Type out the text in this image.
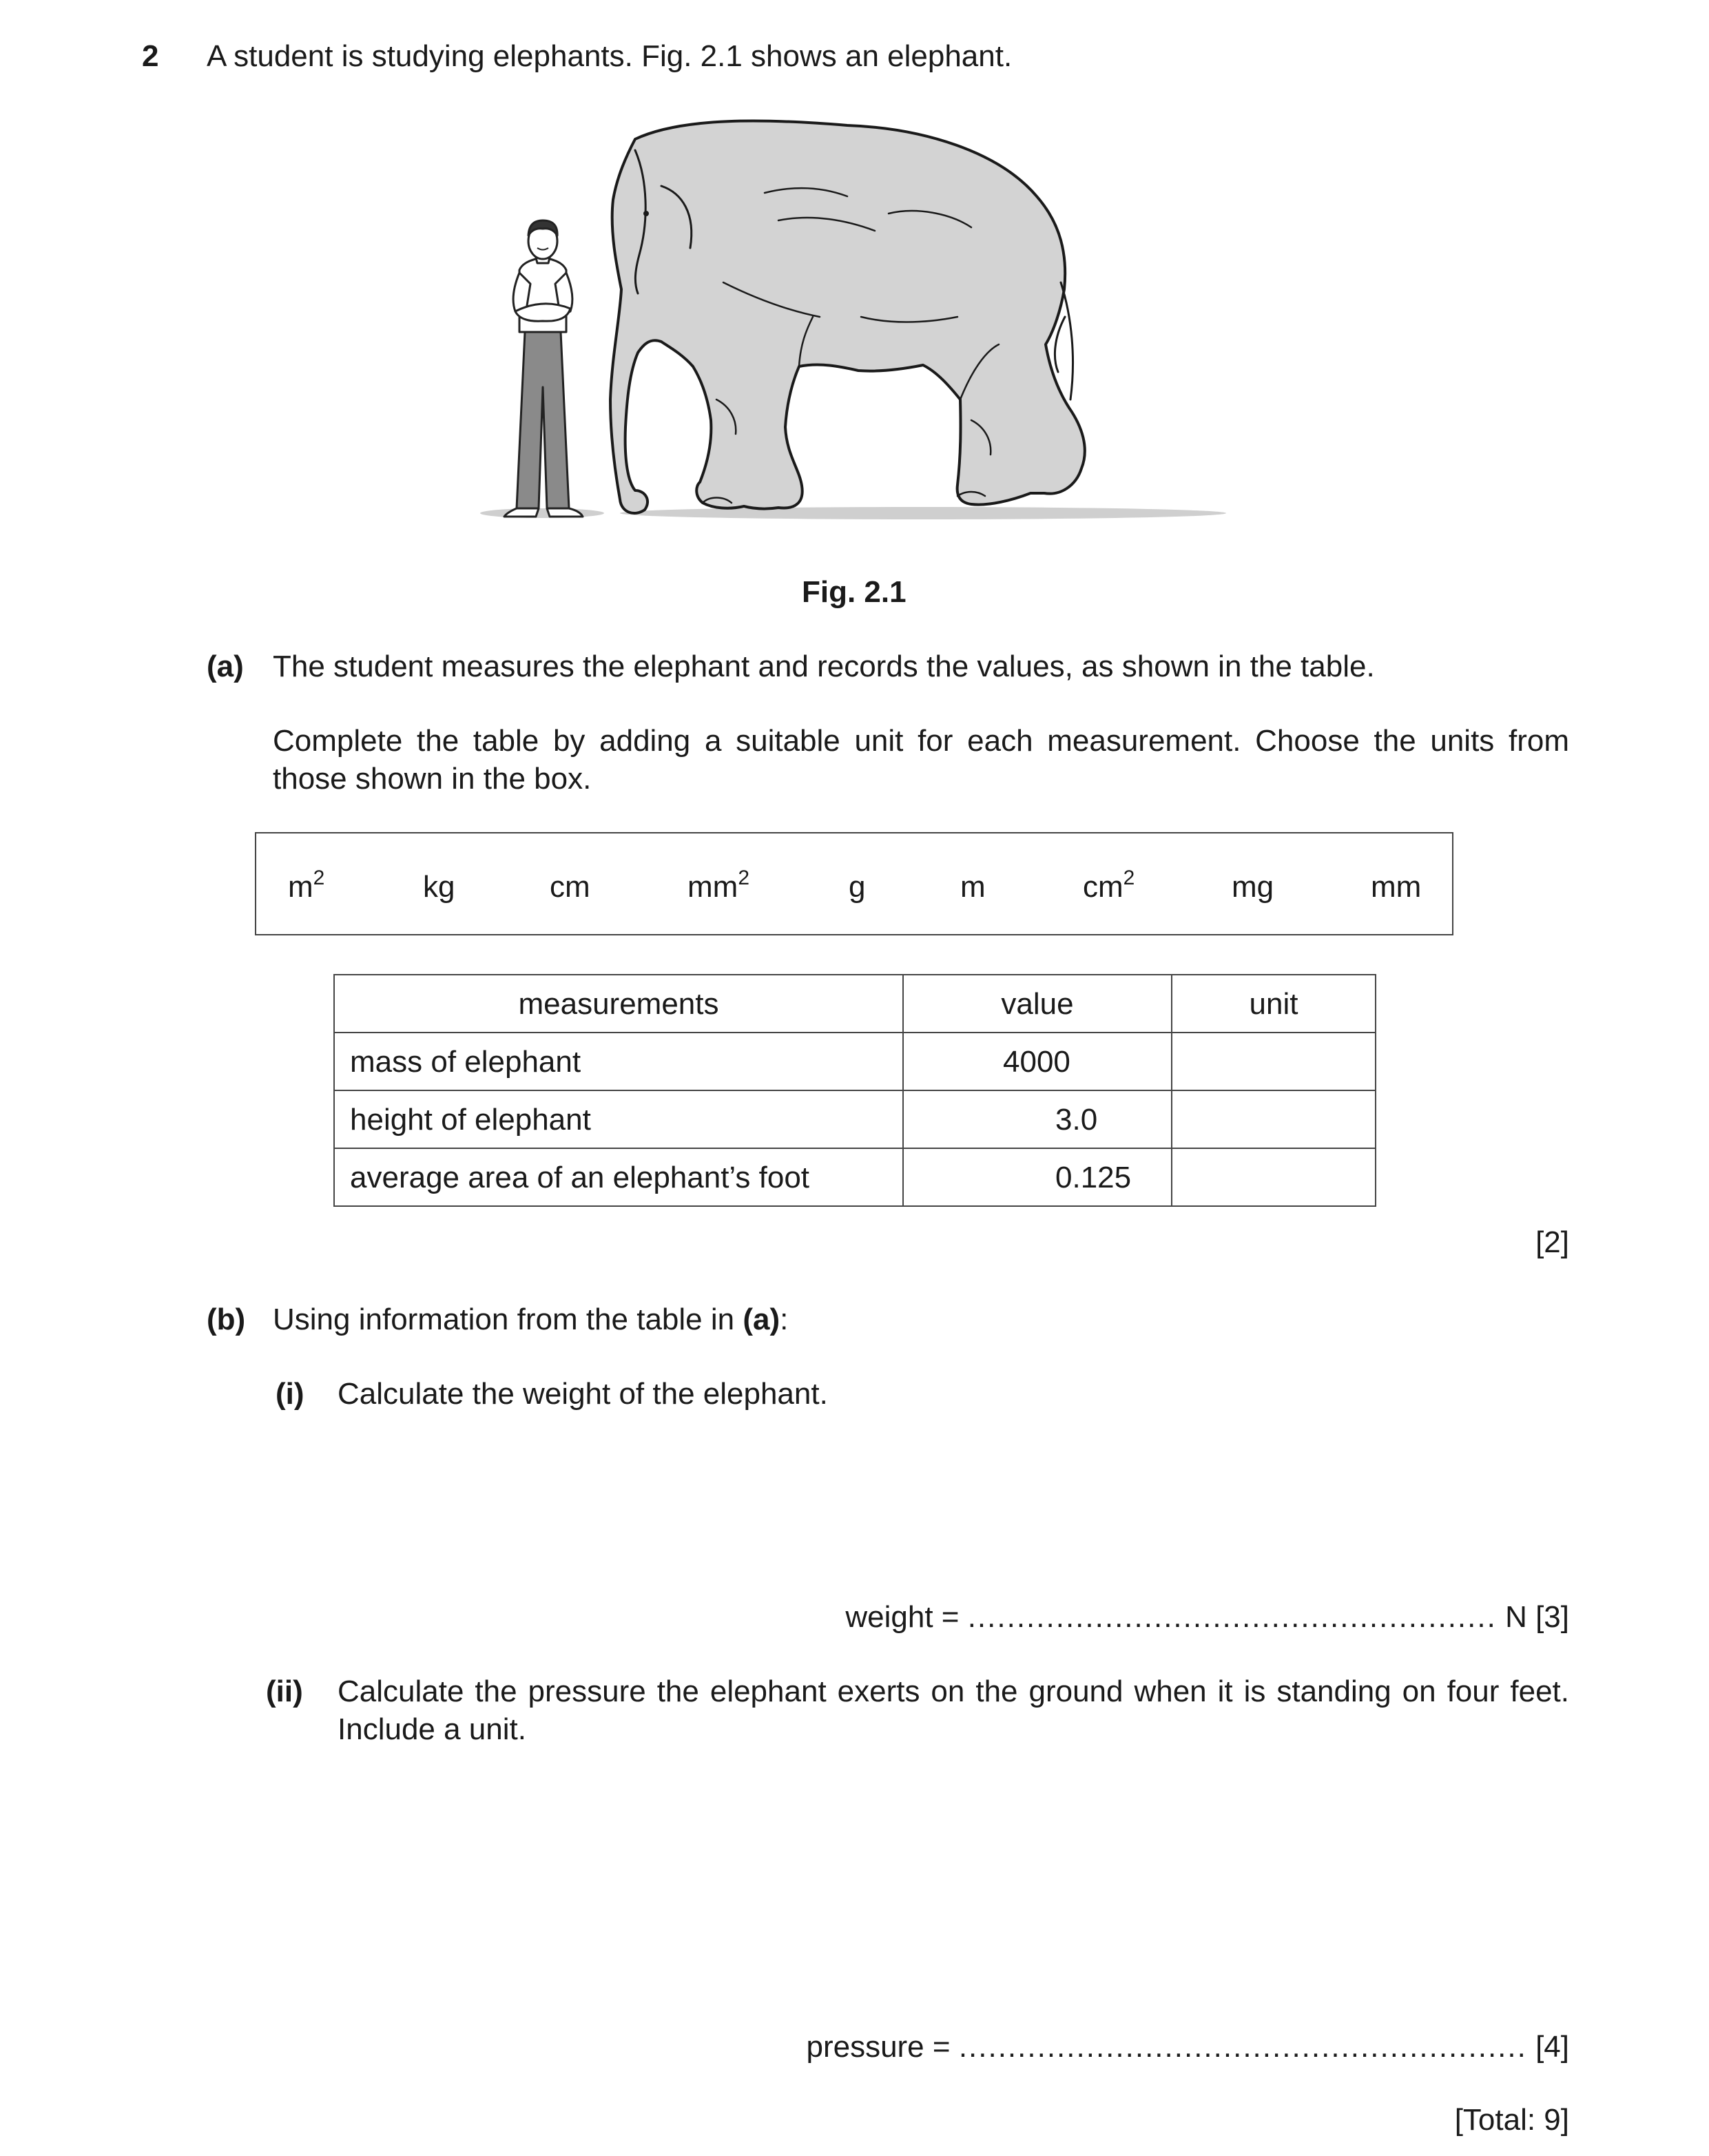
2 A student is studying elephants. Fig. 2.1 shows an elephant.
Fig. 2.1
(a) The student measures the elephant and records the values, as shown in the table.
Complete the table by adding a suitable unit for each measurement. Choose the units from those shown in the box.
$m^2$	kg	cm	$mm^2$	g	m	$cm^2$	mg	mm
measurements	value	unit
mass of elephant	4000	
height of elephant	3.0	
average area of an elephant’s foot	0.125	
[2]
(b) Using information from the table in (a):
(i) Calculate the weight of the elephant.
weight = ...................................................... N [3]
(ii) Calculate the pressure the elephant exerts on the ground when it is standing on four feet. Include a unit.
pressure = .......................................................... [4]
[Total: 9]
